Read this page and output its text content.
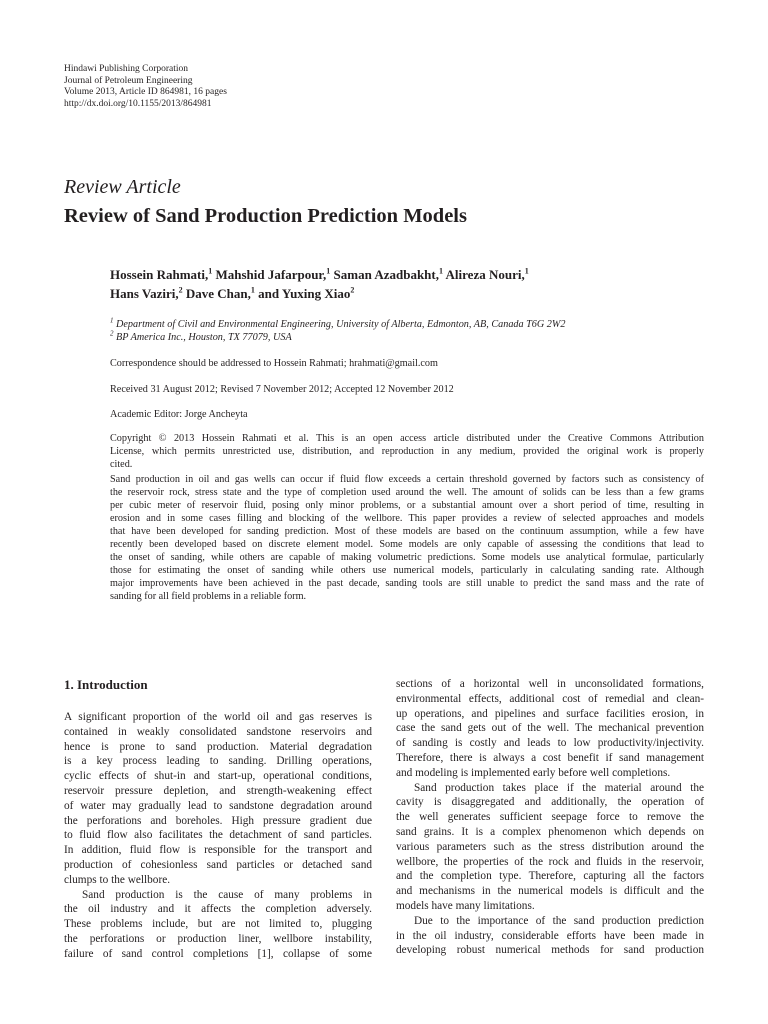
Hindawi Publishing Corporation
Journal of Petroleum Engineering
Volume 2013, Article ID 864981, 16 pages
http://dx.doi.org/10.1155/2013/864981
Review Article
Review of Sand Production Prediction Models
Hossein Rahmati,$^1$ Mahshid Jafarpour,$^1$ Saman Azadbakht,$^1$ Alireza Nouri,$^1$
Hans Vaziri,$^2$ Dave Chan,$^1$ and Yuxing Xiao$^2$
$^1$ Department of Civil and Environmental Engineering, University of Alberta, Edmonton, AB, Canada T6G 2W2
$^2$ BP America Inc., Houston, TX 77079, USA
Correspondence should be addressed to Hossein Rahmati; hrahmati@gmail.com
Received 31 August 2012; Revised 7 November 2012; Accepted 12 November 2012
Academic Editor: Jorge Ancheyta
Copyright © 2013 Hossein Rahmati et al. This is an open access article distributed under the Creative Commons Attribution
License, which permits unrestricted use, distribution, and reproduction in any medium, provided the original work is properly
cited.
Sand production in oil and gas wells can occur if fluid flow exceeds a certain threshold governed by factors such as consistency of
the reservoir rock, stress state and the type of completion used around the well. The amount of solids can be less than a few grams
per cubic meter of reservoir fluid, posing only minor problems, or a substantial amount over a short period of time, resulting in
erosion and in some cases filling and blocking of the wellbore. This paper provides a review of selected approaches and models
that have been developed for sanding prediction. Most of these models are based on the continuum assumption, while a few have
recently been developed based on discrete element model. Some models are only capable of assessing the conditions that lead to
the onset of sanding, while others are capable of making volumetric predictions. Some models use analytical formulae, particularly
those for estimating the onset of sanding while others use numerical models, particularly in calculating sanding rate. Although
major improvements have been achieved in the past decade, sanding tools are still unable to predict the sand mass and the rate of
sanding for all field problems in a reliable form.
1. Introduction

A significant proportion of the world oil and gas reserves is
contained in weakly consolidated sandstone reservoirs and
hence is prone to sand production. Material degradation
is a key process leading to sanding. Drilling operations,
cyclic effects of shut-in and start-up, operational conditions,
reservoir pressure depletion, and strength-weakening effect
of water may gradually lead to sandstone degradation around
the perforations and boreholes. High pressure gradient due
to fluid flow also facilitates the detachment of sand particles.
In addition, fluid flow is responsible for the transport and
production of cohesionless sand particles or detached sand
clumps to the wellbore.

Sand production is the cause of many problems in
the oil industry and it affects the completion adversely.
These problems include, but are not limited to, plugging
the perforations or production liner, wellbore instability,
failure of sand control completions [1], collapse of some

sections of a horizontal well in unconsolidated formations,
environmental effects, additional cost of remedial and clean-
up operations, and pipelines and surface facilities erosion, in
case the sand gets out of the well. The mechanical prevention
of sanding is costly and leads to low productivity/injectivity.
Therefore, there is always a cost benefit if sand management
and modeling is implemented early before well completions.

Sand production takes place if the material around the
cavity is disaggregated and additionally, the operation of
the well generates sufficient seepage force to remove the
sand grains. It is a complex phenomenon which depends on
various parameters such as the stress distribution around the
wellbore, the properties of the rock and fluids in the reservoir,
and the completion type. Therefore, capturing all the factors
and mechanisms in the numerical models is difficult and the
models have many limitations.

Due to the importance of the sand production prediction
in the oil industry, considerable efforts have been made in
developing robust numerical methods for sand production
